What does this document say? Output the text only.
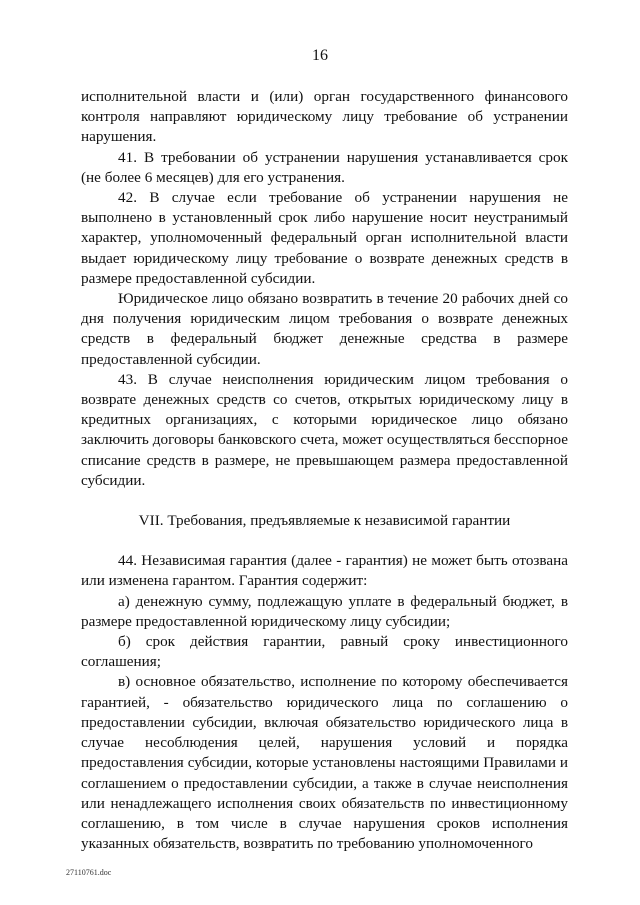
16

исполнительной власти и (или) орган государственного финансового контроля направляют юридическому лицу требование об устранении нарушения.

41. В требовании об устранении нарушения устанавливается срок (не более 6 месяцев) для его устранения.

42. В случае если требование об устранении нарушения не выполнено в установленный срок либо нарушение носит неустранимый характер, уполномоченный федеральный орган исполнительной власти выдает юридическому лицу требование о возврате денежных средств в размере предоставленной субсидии.

Юридическое лицо обязано возвратить в течение 20 рабочих дней со дня получения юридическим лицом требования о возврате денежных средств в федеральный бюджет денежные средства в размере предоставленной субсидии.

43. В случае неисполнения юридическим лицом требования о возврате денежных средств со счетов, открытых юридическому лицу в кредитных организациях, с которыми юридическое лицо обязано заключить договоры банковского счета, может осуществляться бесспорное списание средств в размере, не превышающем размера предоставленной субсидии.

VII. Требования, предъявляемые к независимой гарантии

44. Независимая гарантия (далее - гарантия) не может быть отозвана или изменена гарантом. Гарантия содержит:

а) денежную сумму, подлежащую уплате в федеральный бюджет, в размере предоставленной юридическому лицу субсидии;

б) срок действия гарантии, равный сроку инвестиционного соглашения;

в) основное обязательство, исполнение по которому обеспечивается гарантией, - обязательство юридического лица по соглашению о предоставлении субсидии, включая обязательство юридического лица в случае несоблюдения целей, нарушения условий и порядка предоставления субсидии, которые установлены настоящими Правилами и соглашением о предоставлении субсидии, а также в случае неисполнения или ненадлежащего исполнения своих обязательств по инвестиционному соглашению, в том числе в случае нарушения сроков исполнения указанных обязательств, возвратить по требованию уполномоченного

27110761.doc
